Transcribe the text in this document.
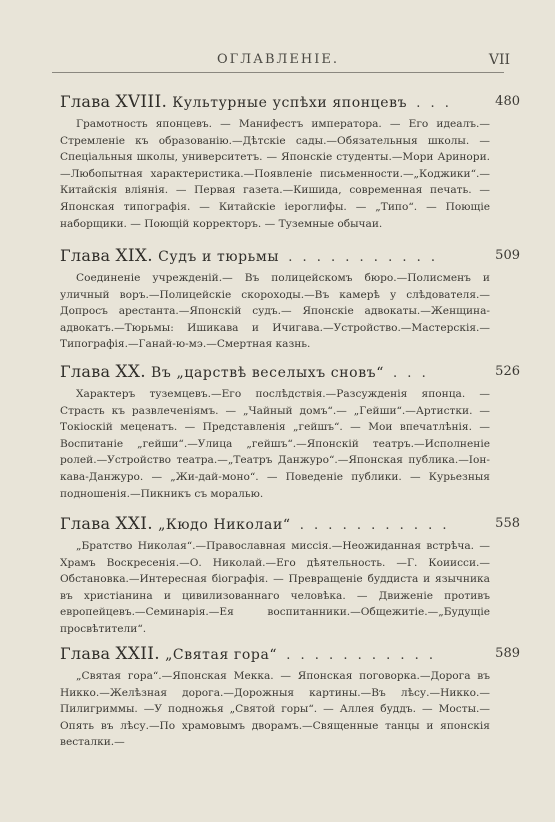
ОГЛАВЛЕНІЕ.	VII
Глава XVIII. Культурные успѣхи японцевъ . . .	480
Грамотность японцевъ. — Манифестъ императора. — Его идеалъ.—Стремленіе къ образованію.—Дѣтскіе сады.—Обязательныя школы. — Спеціальныя школы, университетъ. — Японскіе студенты.—Мори Аринори.—Любопытная характеристика.—Появленіе письменности.—„Коджики“.—Китайскія вліянія. — Первая газета.—Кишида, современная печать. — Японская типографія. — Китайскіе іероглифы. — „Типо“. — Поющіе наборщики. — Поющій корректоръ. — Туземные обычаи.
Глава XIX. Судъ и тюрьмы . . . . . . . . . . .	509
Соединеніе учрежденій.— Въ полицейскомъ бюро.—Полисменъ и уличный воръ.—Полицейскіе скороходы.—Въ камерѣ у слѣдователя.—Допросъ арестанта.—Японскій судъ.— Японскіе адвокаты.—Женщина-адвокатъ.—Тюрьмы: Ишикава и Ичигава.—Устройство.—Мастерскія.—Типографія.—Ганай-ю-мэ.—Смертная казнь.
Глава XX. Въ „царствѣ веселыхъ сновъ“ . . .	526
Характеръ туземцевъ.—Его послѣдствія.—Разсужденія японца. — Страсть къ развлеченіямъ. — „Чайный домъ“.— „Гейши“.—Артистки. — Токіоскій меценатъ. — Представленія „гейшъ“. — Мои впечатлѣнія. — Воспитаніе „гейши“.—Улица „гейшъ“.—Японскій театръ.—Исполненіе ролей.—Устройство театра.—„Театръ Данжуро“.—Японская публика.—Іон-кава-Данжуро. — „Жи-дай-моно“. — Поведеніе публики. — Курьезныя подношенія.—Пикникъ съ моралью.
Глава XXI. „Кюдо Николаи“ . . . . . . . . . . .	558
„Братство Николая“.—Православная миссія.—Неожиданная встрѣча. — Храмъ Воскресенія.—О. Николай.—Его дѣятельность. —Г. Коиисси.—Обстановка.—Интересная біографія. — Превращеніе буддиста и язычника въ христіанина и цивилизованнаго человѣка. — Движеніе противъ европейцевъ.—Семинарія.—Ея воспитанники.—Общежитіе.—„Будущіе просвѣтители“.
Глава XXII. „Святая гора“ . . . . . . . . . . .	589
„Святая гора“.—Японская Мекка. — Японская поговорка.—Дорога въ Никко.—Желѣзная дорога.—Дорожныя картины.—Въ лѣсу.—Никко.—Пилигриммы. —У подножья „Святой горы“. — Аллея буддъ. — Мосты.—Опять въ лѣсу.—По храмовымъ дворамъ.—Священные танцы и японскія весталки.—
